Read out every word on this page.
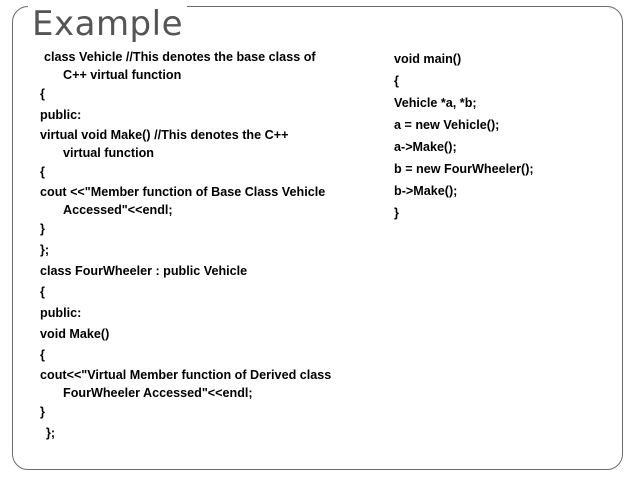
Example
class Vehicle //This denotes the base class of
C++ virtual function
{
public:
virtual void Make() //This denotes the C++
virtual function
{
cout <<"Member function of Base Class Vehicle
Accessed"<<endl;
}
};
class FourWheeler : public Vehicle
{
public:
void Make()
{
cout<<"Virtual Member function of Derived class
FourWheeler Accessed"<<endl;
}
};
void main()
{
Vehicle *a, *b;
a = new Vehicle();
a->Make();
b = new FourWheeler();
b->Make();
}
